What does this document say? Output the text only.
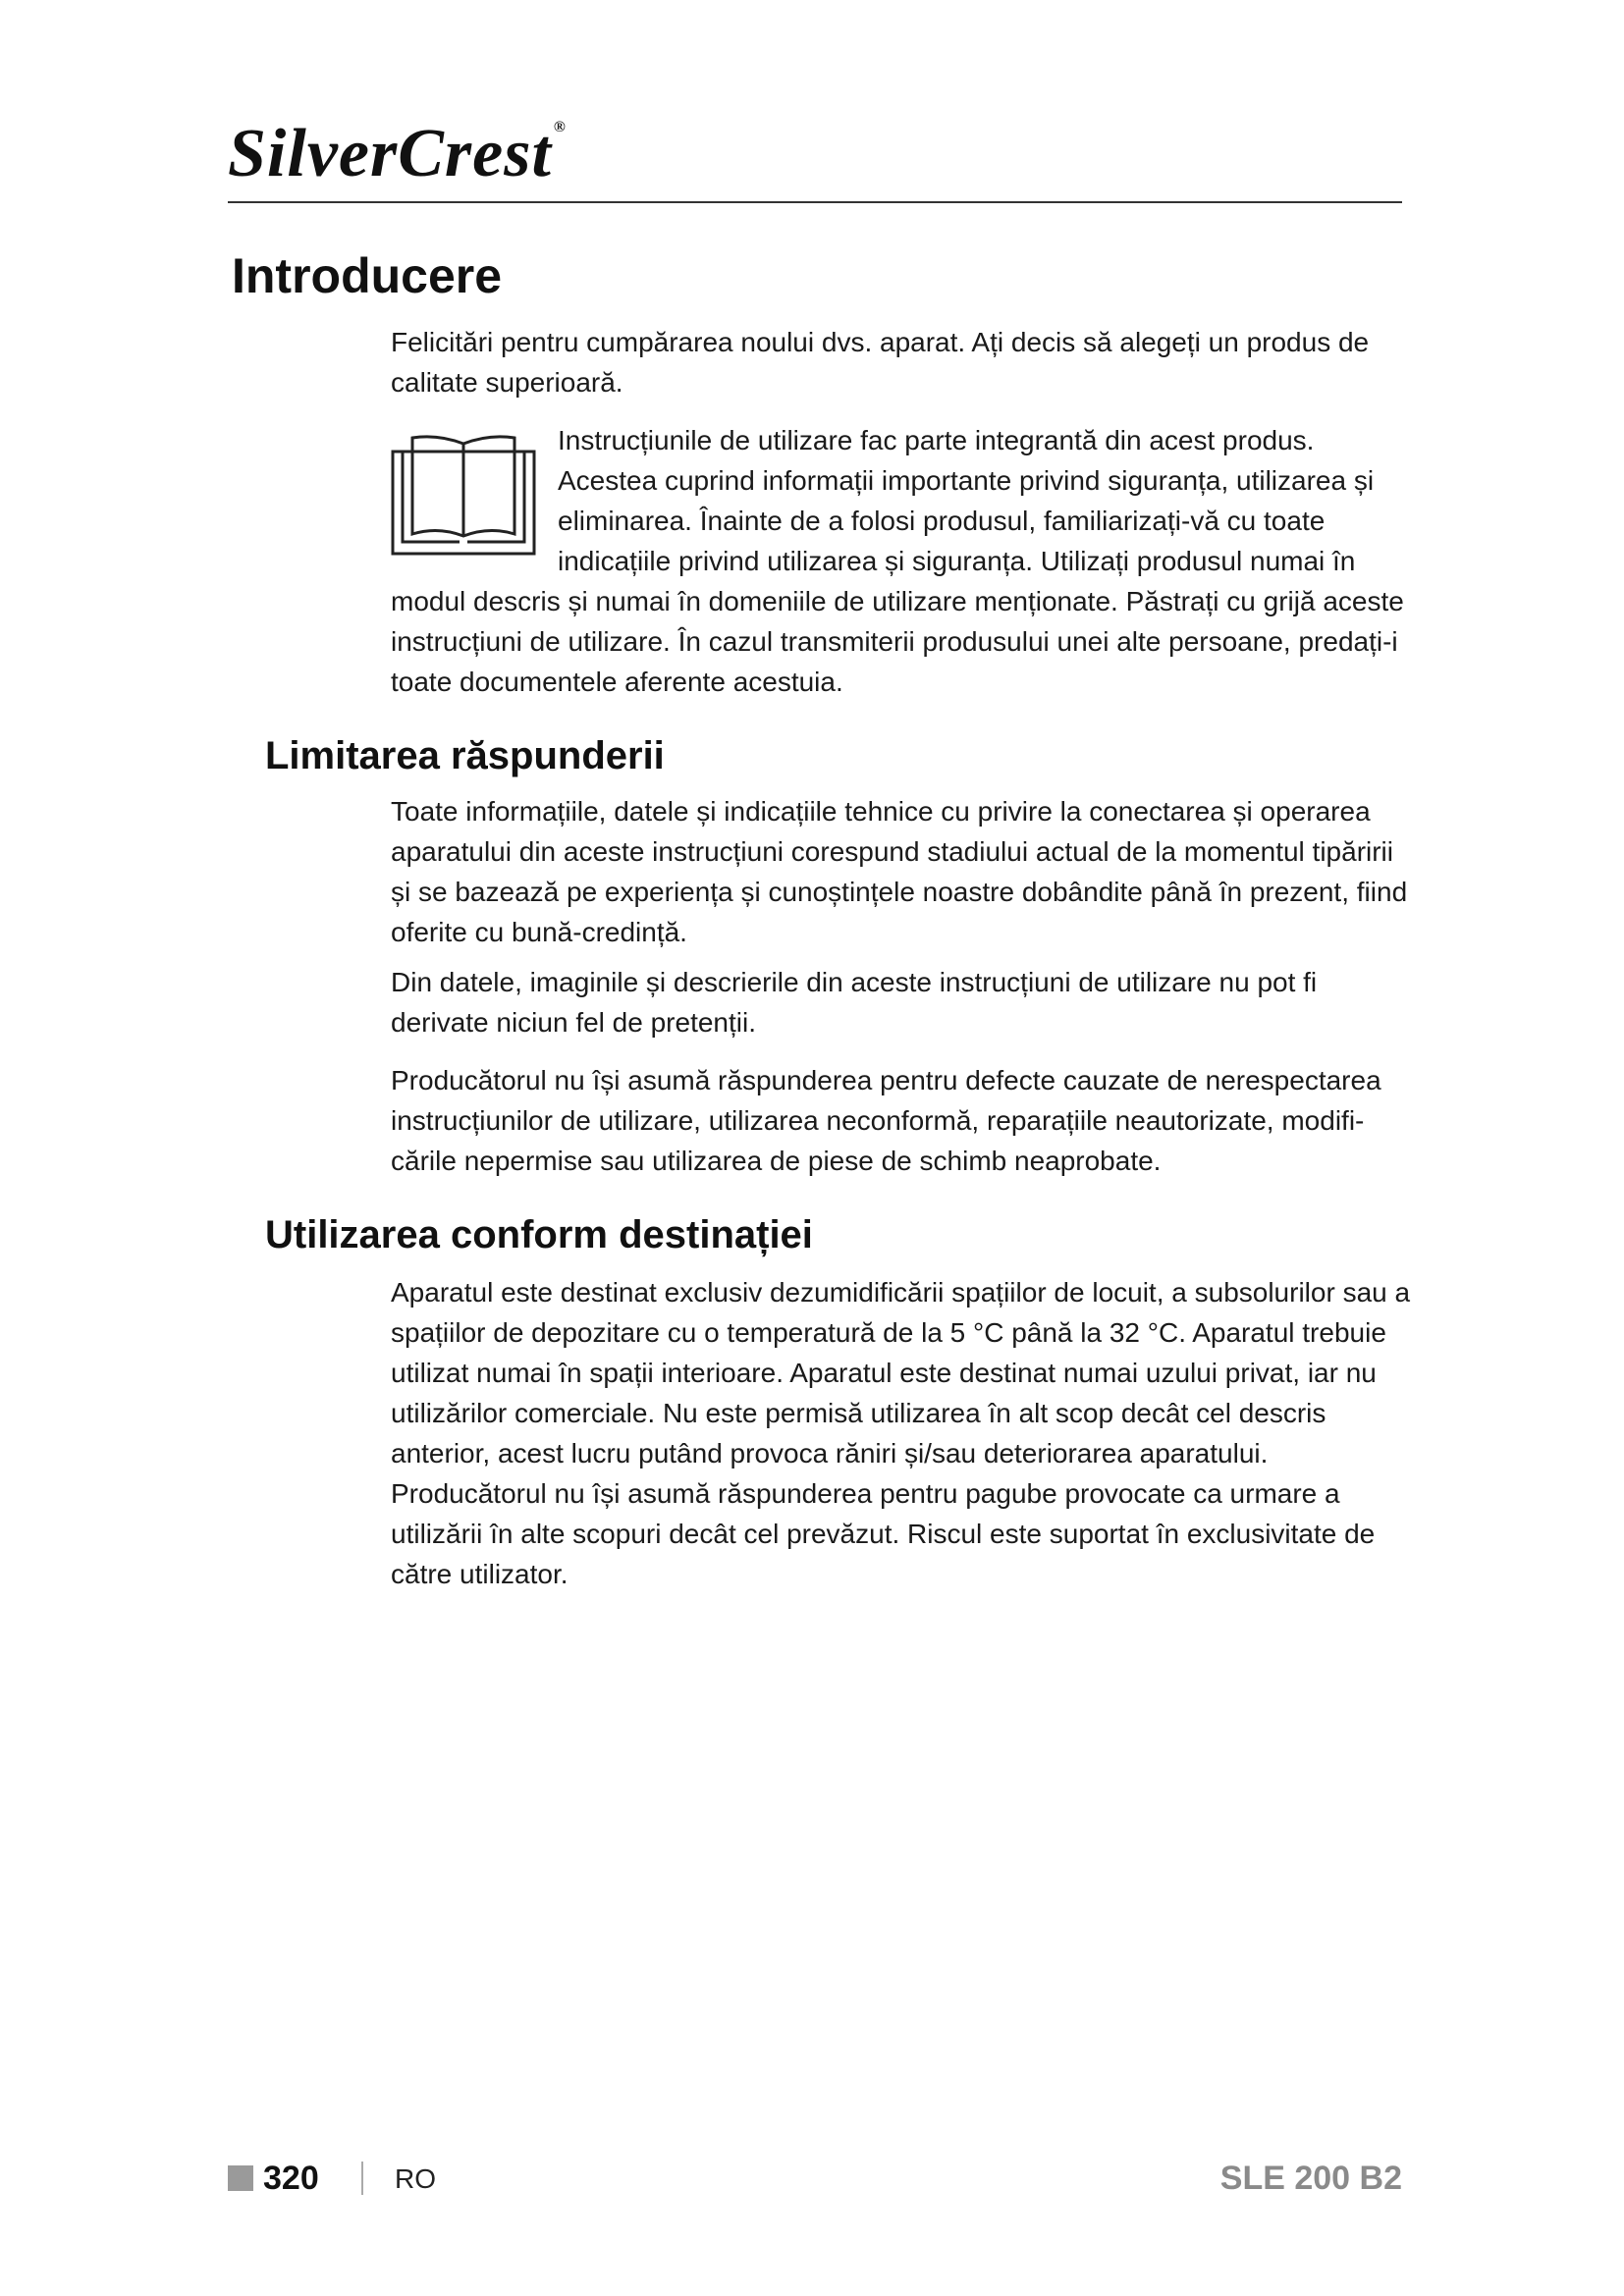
SilverCrest ®
Introducere

Felicitări pentru cumpărarea noului dvs. aparat. Ați decis să alegeți un produs de calitate superioară.

Instrucțiunile de utilizare fac parte integrantă din acest produs. Acestea cuprind informații importante privind siguranța, utilizarea și eliminarea. Înainte de a folosi produsul, familiarizați-vă cu toate indicațiile privind utilizarea și siguranța. Utilizați produsul numai în

modul descris și numai în domeniile de utilizare menționate. Păstrați cu grijă aceste instrucțiuni de utilizare. În cazul transmiterii produsului unei alte persoane, predați-i toate documentele aferente acestuia.

Limitarea răspunderii

Toate informațiile, datele și indicațiile tehnice cu privire la conectarea și operarea aparatului din aceste instrucțiuni corespund stadiului actual de la momentul tipăririi și se bazează pe experiența și cunoștințele noastre dobândite până în prezent, fiind oferite cu bună-credință.

Din datele, imaginile și descrierile din aceste instrucțiuni de utilizare nu pot fi derivate niciun fel de pretenții.

Producătorul nu își asumă răspunderea pentru defecte cauzate de nerespectarea instrucțiunilor de utilizare, utilizarea neconformă, reparațiile neautorizate, modifi-cările nepermise sau utilizarea de piese de schimb neaprobate.

Utilizarea conform destinației

Aparatul este destinat exclusiv dezumidificării spațiilor de locuit, a subsolurilor sau a spațiilor de depozitare cu o temperatură de la 5 °C până la 32 °C. Aparatul trebuie utilizat numai în spații interioare. Aparatul este destinat numai uzului privat, iar nu utilizărilor comerciale. Nu este permisă utilizarea în alt scop decât cel descris anterior, acest lucru putând provoca răniri și/sau deteriorarea aparatului. Producătorul nu își asumă răspunderea pentru pagube provocate ca urmare a utilizării în alte scopuri decât cel prevăzut. Riscul este suportat în exclusivitate de către utilizator.

320	RO	SLE 200 B2
